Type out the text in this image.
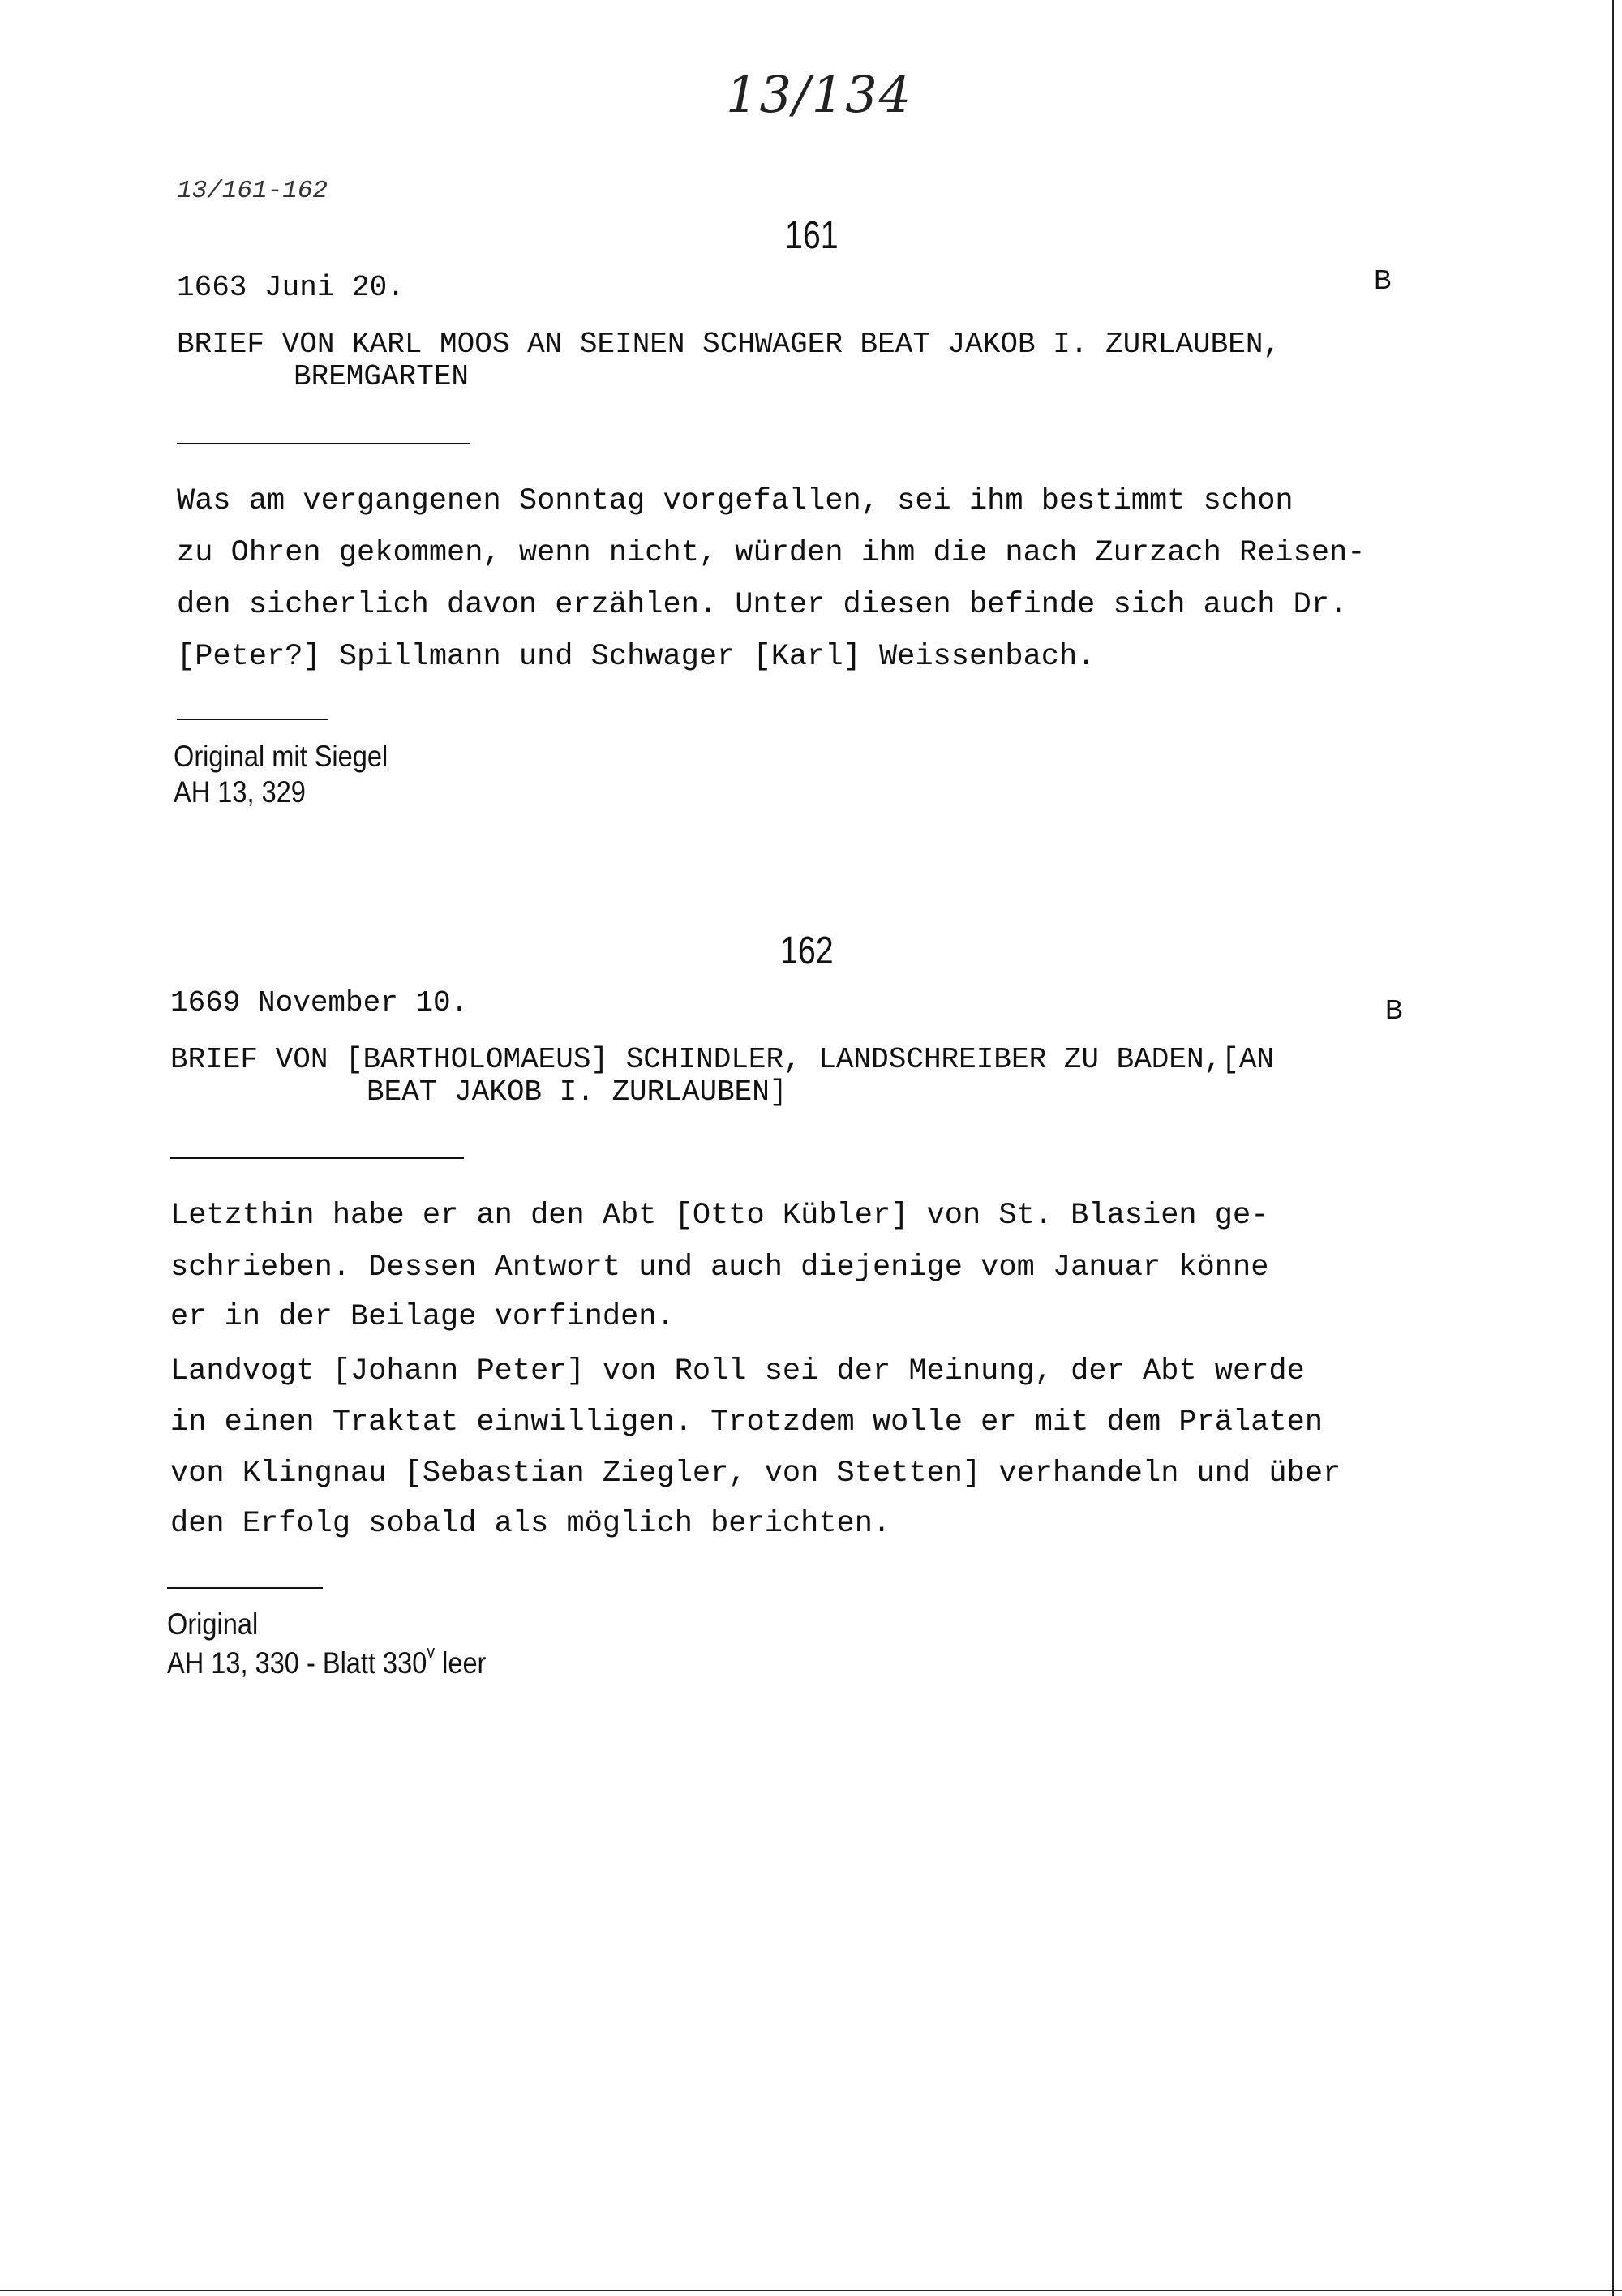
13/134
13/161-162
161
1663 Juni 20.	B
BRIEF VON KARL MOOS AN SEINEN SCHWAGER BEAT JAKOB I. ZURLAUBEN,
BREMGARTEN
Was am vergangenen Sonntag vorgefallen, sei ihm bestimmt schon
zu Ohren gekommen, wenn nicht, würden ihm die nach Zurzach Reisen-
den sicherlich davon erzählen. Unter diesen befinde sich auch Dr.
[Peter?] Spillmann und Schwager [Karl] Weissenbach.
Original mit Siegel
AH 13, 329
162
1669 November 10.	B
BRIEF VON [BARTHOLOMAEUS] SCHINDLER, LANDSCHREIBER ZU BADEN,[AN
BEAT JAKOB I. ZURLAUBEN]
Letzthin habe er an den Abt [Otto Kübler] von St. Blasien ge-
schrieben. Dessen Antwort und auch diejenige vom Januar könne
er in der Beilage vorfinden.
Landvogt [Johann Peter] von Roll sei der Meinung, der Abt werde
in einen Traktat einwilligen. Trotzdem wolle er mit dem Prälaten
von Klingnau [Sebastian Ziegler, von Stetten] verhandeln und über
den Erfolg sobald als möglich berichten.
Original
AH 13, 330 - Blatt 330$^v$ leer
